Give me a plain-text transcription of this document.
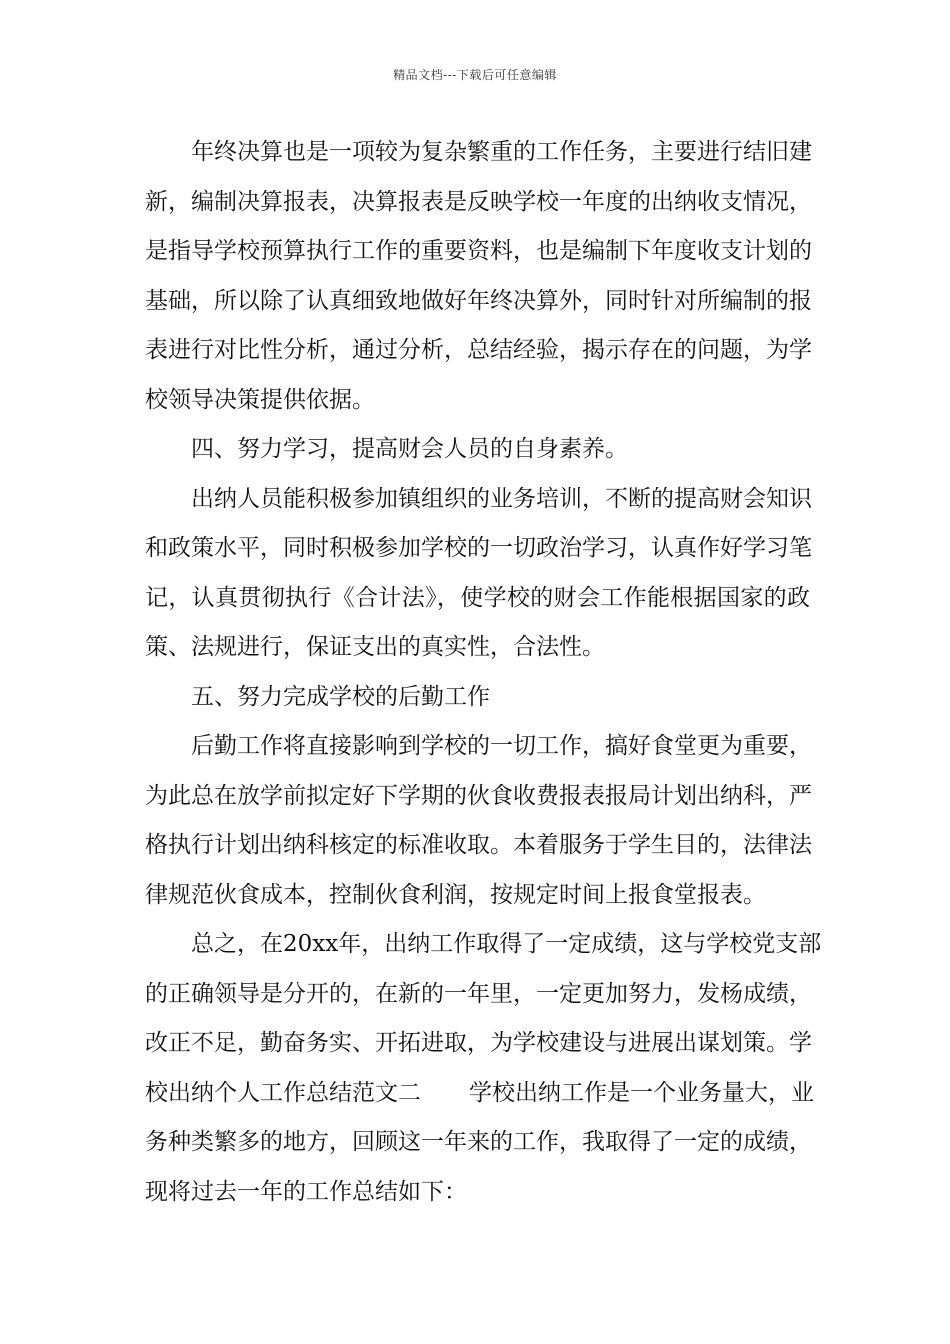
精品文档---下载后可任意编辑

年终决算也是一项较为复杂繁重的工作任务，主要进行结旧建
新，编制决算报表，决算报表是反映学校一年度的出纳收支情况，
是指导学校预算执行工作的重要资料，也是编制下年度收支计划的
基础，所以除了认真细致地做好年终决算外，同时针对所编制的报
表进行对比性分析，通过分析，总结经验，揭示存在的问题，为学
校领导决策提供依据。

四、努力学习，提高财会人员的自身素养。

出纳人员能积极参加镇组织的业务培训，不断的提高财会知识
和政策水平，同时积极参加学校的一切政治学习，认真作好学习笔
记，认真贯彻执行《合计法》，使学校的财会工作能根据国家的政
策、法规进行，保证支出的真实性，合法性。

五、努力完成学校的后勤工作

后勤工作将直接影响到学校的一切工作，搞好食堂更为重要，
为此总在放学前拟定好下学期的伙食收费报表报局计划出纳科，严
格执行计划出纳科核定的标准收取。本着服务于学生目的，法律法
律规范伙食成本，控制伙食利润，按规定时间上报食堂报表。

总之，在20xx年，出纳工作取得了一定成绩，这与学校党支部
的正确领导是分开的，在新的一年里，一定更加努力，发杨成绩，
改正不足，勤奋务实、开拓进取，为学校建设与进展出谋划策。学
校出纳个人工作总结范文二 学校出纳工作是一个业务量大，业
务种类繁多的地方，回顾这一年来的工作，我取得了一定的成绩，
现将过去一年的工作总结如下：
